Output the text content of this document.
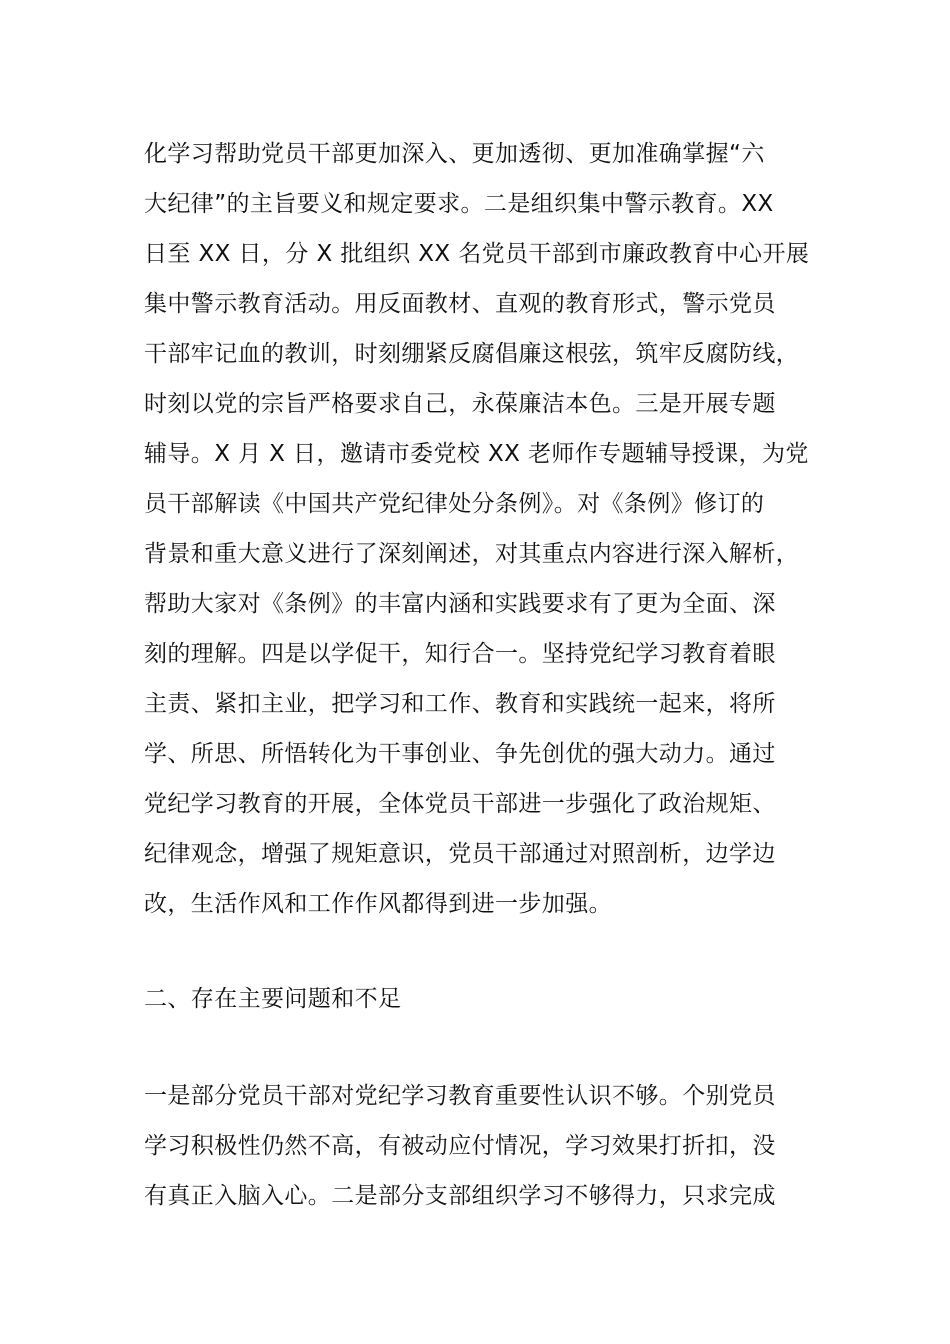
化学习帮助党员干部更加深入、更加透彻、更加准确掌握“六
大纪律”的主旨要义和规定要求。二是组织集中警示教育。XX
日至 XX 日，分 X 批组织 XX 名党员干部到市廉政教育中心开展
集中警示教育活动。用反面教材、直观的教育形式，警示党员
干部牢记血的教训，时刻绷紧反腐倡廉这根弦，筑牢反腐防线，
时刻以党的宗旨严格要求自己，永葆廉洁本色。三是开展专题
辅导。X 月 X 日，邀请市委党校 XX 老师作专题辅导授课，为党
员干部解读《中国共产党纪律处分条例》。对《条例》修订的
背景和重大意义进行了深刻阐述，对其重点内容进行深入解析，
帮助大家对《条例》的丰富内涵和实践要求有了更为全面、深
刻的理解。四是以学促干，知行合一。坚持党纪学习教育着眼
主责、紧扣主业，把学习和工作、教育和实践统一起来，将所
学、所思、所悟转化为干事创业、争先创优的强大动力。通过
党纪学习教育的开展，全体党员干部进一步强化了政治规矩、
纪律观念，增强了规矩意识，党员干部通过对照剖析，边学边
改，生活作风和工作作风都得到进一步加强。
二、存在主要问题和不足
一是部分党员干部对党纪学习教育重要性认识不够。个别党员
学习积极性仍然不高，有被动应付情况，学习效果打折扣，没
有真正入脑入心。二是部分支部组织学习不够得力，只求完成
